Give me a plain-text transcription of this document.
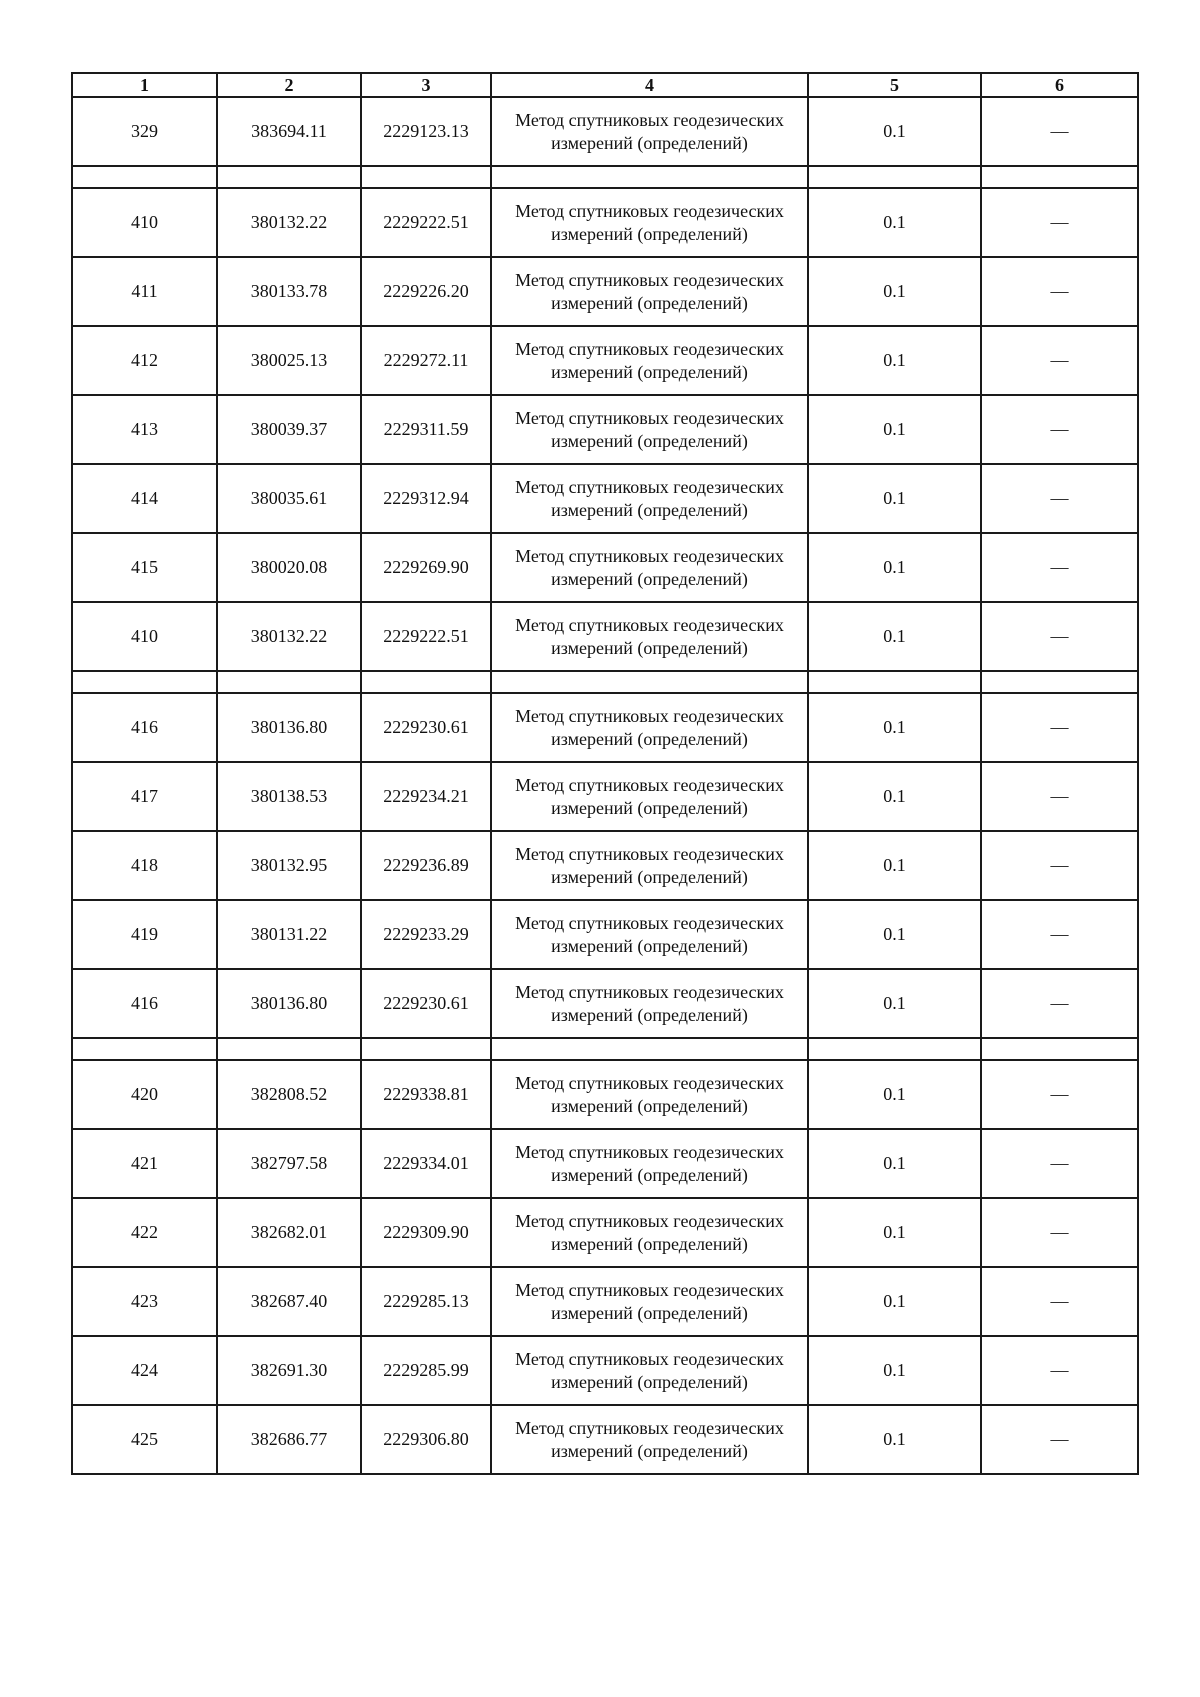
1	2	3	4	5	6
329	383694.11	2229123.13	Метод спутниковых геодезических измерений (определений)	0.1	—

410	380132.22	2229222.51	Метод спутниковых геодезических измерений (определений)	0.1	—
411	380133.78	2229226.20	Метод спутниковых геодезических измерений (определений)	0.1	—
412	380025.13	2229272.11	Метод спутниковых геодезических измерений (определений)	0.1	—
413	380039.37	2229311.59	Метод спутниковых геодезических измерений (определений)	0.1	—
414	380035.61	2229312.94	Метод спутниковых геодезических измерений (определений)	0.1	—
415	380020.08	2229269.90	Метод спутниковых геодезических измерений (определений)	0.1	—
410	380132.22	2229222.51	Метод спутниковых геодезических измерений (определений)	0.1	—

416	380136.80	2229230.61	Метод спутниковых геодезических измерений (определений)	0.1	—
417	380138.53	2229234.21	Метод спутниковых геодезических измерений (определений)	0.1	—
418	380132.95	2229236.89	Метод спутниковых геодезических измерений (определений)	0.1	—
419	380131.22	2229233.29	Метод спутниковых геодезических измерений (определений)	0.1	—
416	380136.80	2229230.61	Метод спутниковых геодезических измерений (определений)	0.1	—

420	382808.52	2229338.81	Метод спутниковых геодезических измерений (определений)	0.1	—
421	382797.58	2229334.01	Метод спутниковых геодезических измерений (определений)	0.1	—
422	382682.01	2229309.90	Метод спутниковых геодезических измерений (определений)	0.1	—
423	382687.40	2229285.13	Метод спутниковых геодезических измерений (определений)	0.1	—
424	382691.30	2229285.99	Метод спутниковых геодезических измерений (определений)	0.1	—
425	382686.77	2229306.80	Метод спутниковых геодезических измерений (определений)	0.1	—
